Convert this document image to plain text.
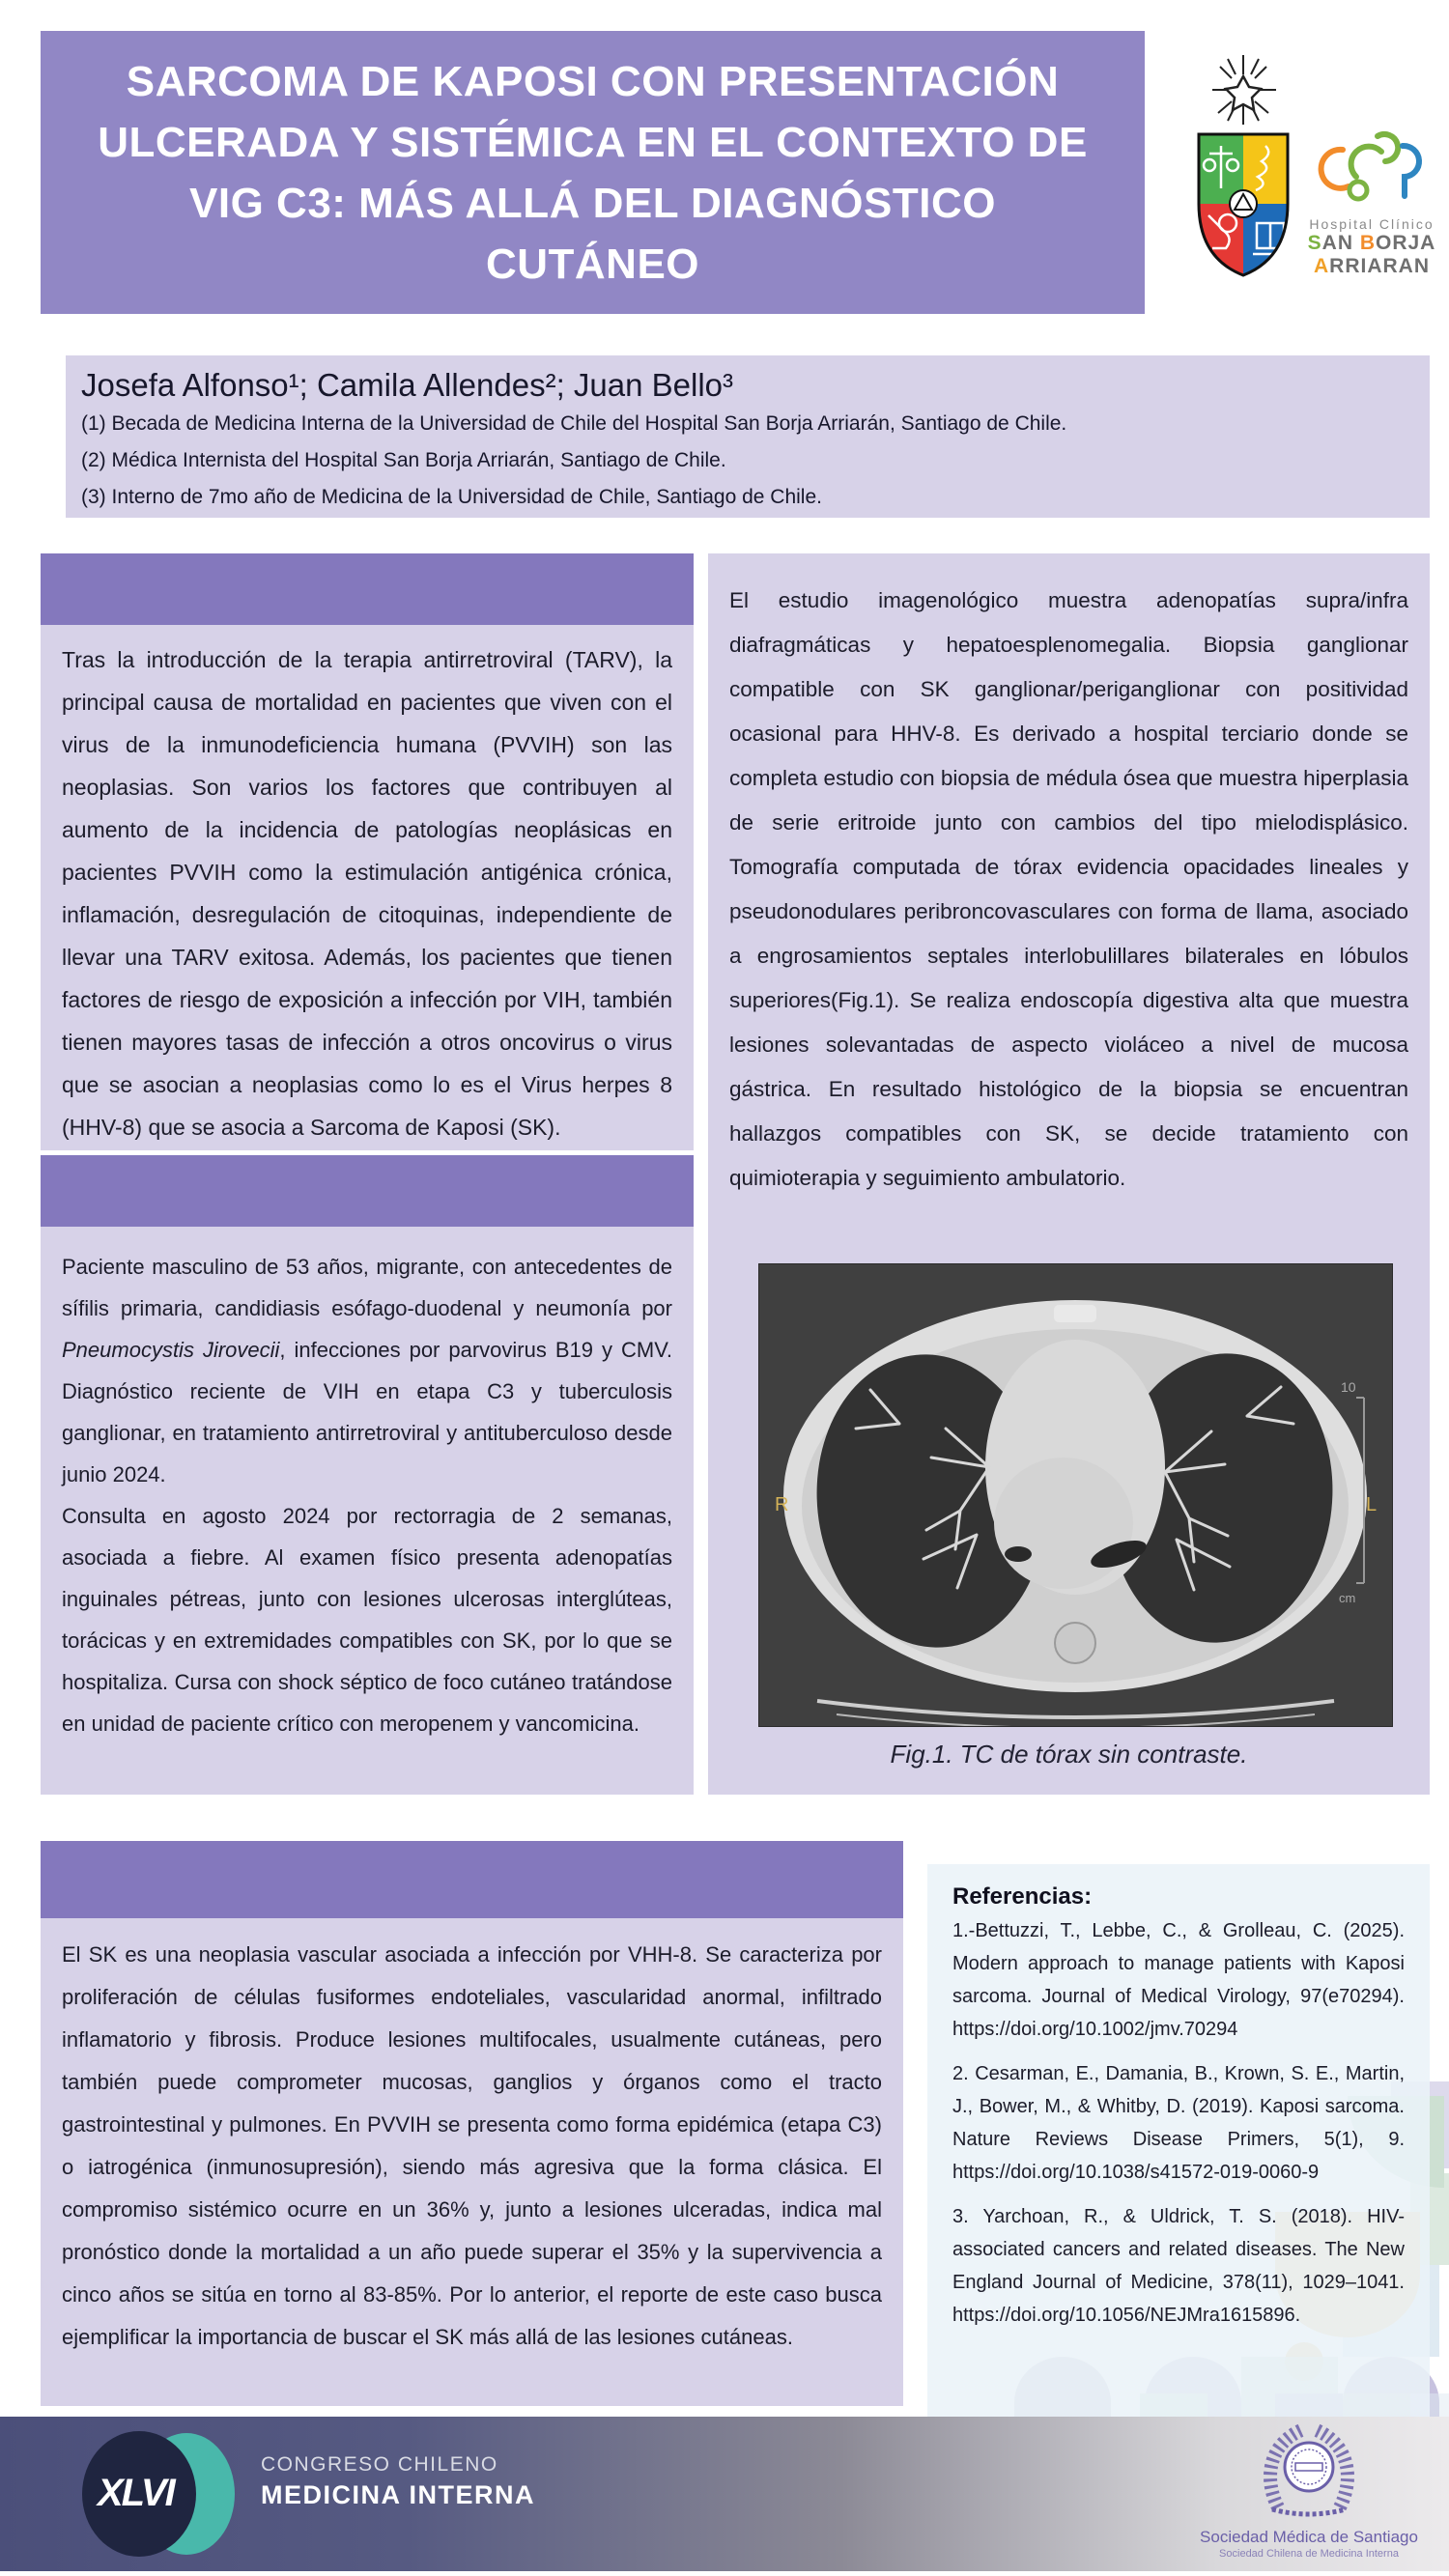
SARCOMA DE KAPOSI CON PRESENTACIÓN
ULCERADA Y SISTÉMICA EN EL CONTEXTO DE
VIG C3: MÁS ALLÁ DEL DIAGNÓSTICO
CUTÁNEO
Hospital Clínico
SAN BORJA
ARRIARAN
Josefa Alfonso¹; Camila Allendes²; Juan Bello³
(1) Becada de Medicina Interna de la Universidad de Chile del Hospital San Borja Arriarán, Santiago de Chile.
(2) Médica Internista del Hospital San Borja Arriarán, Santiago de Chile.
(3) Interno de 7mo año de Medicina de la Universidad de Chile, Santiago de Chile.

Tras la introducción de la terapia antirretroviral (TARV), la principal causa de mortalidad en pacientes que viven con el virus de la inmunodeficiencia humana (PVVIH) son las neoplasias. Son varios los factores que contribuyen al aumento de la incidencia de patologías neoplásicas en pacientes PVVIH como la estimulación antigénica crónica, inflamación, desregulación de citoquinas, independiente de llevar una TARV exitosa. Además, los pacientes que tienen factores de riesgo de exposición a infección por VIH, también tienen mayores tasas de infección a otros oncovirus o virus que se asocian a neoplasias como lo es el Virus herpes 8 (HHV-8) que se asocia a Sarcoma de Kaposi (SK).

Paciente masculino de 53 años, migrante, con antecedentes de sífilis primaria, candidiasis esófago-duodenal y neumonía por Pneumocystis Jirovecii, infecciones por parvovirus B19 y CMV. Diagnóstico reciente de VIH en etapa C3 y tuberculosis ganglionar, en tratamiento antirretroviral y antituberculoso desde junio 2024.

Consulta en agosto 2024 por rectorragia de 2 semanas, asociada a fiebre. Al examen físico presenta adenopatías inguinales pétreas, junto con lesiones ulcerosas interglúteas, torácicas y en extremidades compatibles con SK, por lo que se hospitaliza. Cursa con shock séptico de foco cutáneo tratándose en unidad de paciente crítico con meropenem y vancomicina.

El estudio imagenológico muestra adenopatías supra/infra diafragmáticas y hepatoesplenomegalia. Biopsia ganglionar compatible con SK ganglionar/periganglionar con positividad ocasional para HHV-8. Es derivado a hospital terciario donde se completa estudio con biopsia de médula ósea que muestra hiperplasia de serie eritroide junto con cambios del tipo mielodisplásico. Tomografía computada de tórax evidencia opacidades lineales y pseudonodulares peribroncovasculares con forma de llama, asociado a engrosamientos septales interlobulillares bilaterales en lóbulos superiores(Fig.1). Se realiza endoscopía digestiva alta que muestra lesiones solevantadas de aspecto violáceo a nivel de mucosa gástrica. En resultado histológico de la biopsia se encuentran hallazgos compatibles con SK, se decide tratamiento con quimioterapia y seguimiento ambulatorio.

R	L
10
cm
Fig.1. TC de tórax sin contraste.

El SK es una neoplasia vascular asociada a infección por VHH-8. Se caracteriza por proliferación de células fusiformes endoteliales, vascularidad anormal, infiltrado inflamatorio y fibrosis. Produce lesiones multifocales, usualmente cutáneas, pero también puede comprometer mucosas, ganglios y órganos como el tracto gastrointestinal y pulmones. En PVVIH se presenta como forma epidémica (etapa C3) o iatrogénica (inmunosupresión), siendo más agresiva que la forma clásica. El compromiso sistémico ocurre en un 36% y, junto a lesiones ulceradas, indica mal pronóstico donde la mortalidad a un año puede superar el 35% y la supervivencia a cinco años se sitúa en torno al 83-85%. Por lo anterior, el reporte de este caso busca ejemplificar la importancia de buscar el SK más allá de las lesiones cutáneas.

Referencias:

1.-Bettuzzi, T., Lebbe, C., & Grolleau, C. (2025). Modern approach to manage patients with Kaposi sarcoma. Journal of Medical Virology, 97(e70294). https://doi.org/10.1002/jmv.70294

2. Cesarman, E., Damania, B., Krown, S. E., Martin, J., Bower, M., & Whitby, D. (2019). Kaposi sarcoma. Nature Reviews Disease Primers, 5(1), 9. https://doi.org/10.1038/s41572-019-0060-9

3. Yarchoan, R., & Uldrick, T. S. (2018). HIV-associated cancers and related diseases. The New England Journal of Medicine, 378(11), 1029–1041. https://doi.org/10.1056/NEJMra1615896.

XLVI
CONGRESO CHILENO
MEDICINA INTERNA
Sociedad Médica de Santiago
Sociedad Chilena de Medicina Interna
